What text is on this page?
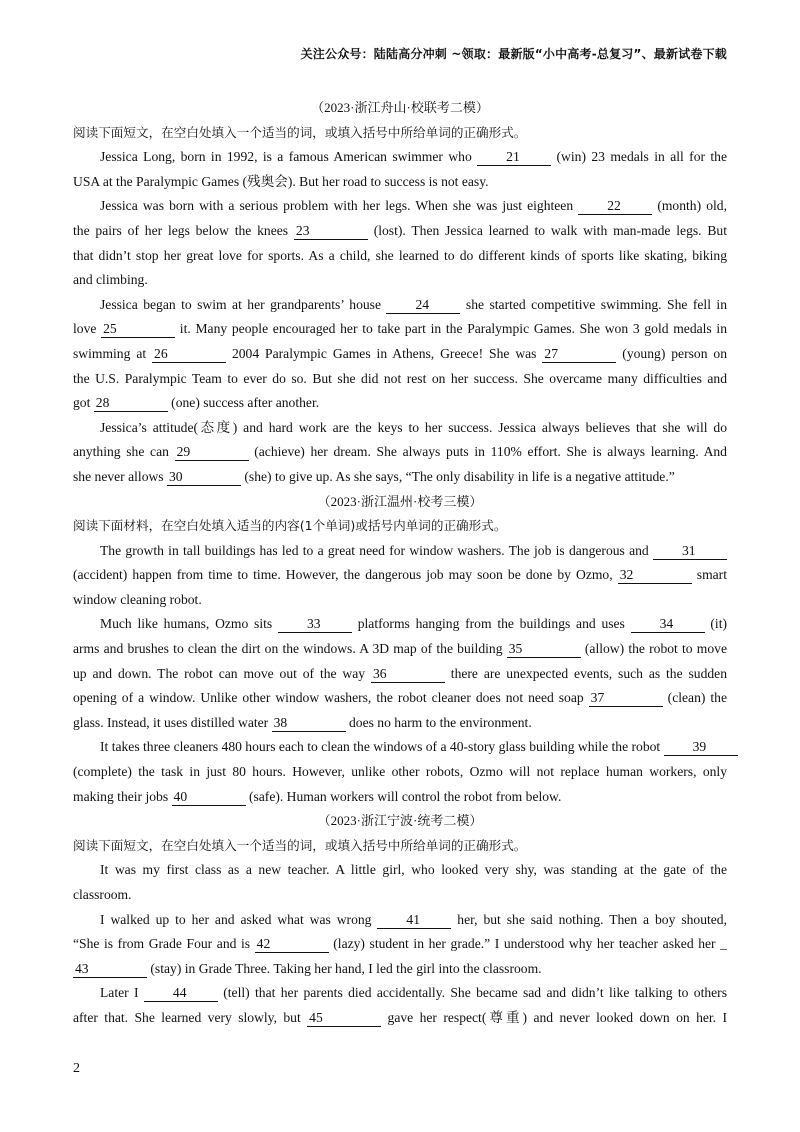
关注公众号：陆陆高分冲刺 ~领取：最新版“小中高考-总复习”、最新试卷下载
（2023·浙江舟山·校联考二模）
阅读下面短文，在空白处填入一个适当的词，或填入括号中所给单词的正确形式。
Jessica Long, born in 1992, is a famous American swimmer who 21 (win) 23 medals in all for the
USA at the Paralympic Games (残奥会). But her road to success is not easy.
Jessica was born with a serious problem with her legs. When she was just eighteen 22 (month) old,
the pairs of her legs below the knees 23	(lost). Then Jessica learned to walk with man-made legs. But
that didn’t stop her great love for sports. As a child, she learned to do different kinds of sports like skating, biking
and climbing.
Jessica began to swim at her grandparents’ house 24 she started competitive swimming. She fell in
love 25	it. Many people encouraged her to take part in the Paralympic Games. She won 3 gold medals in
swimming at 26	2004 Paralympic Games in Athens, Greece! She was 27	(young) person on
the U.S. Paralympic Team to ever do so. But she did not rest on her success. She overcame many difficulties and
got 28	(one) success after another.
Jessica’s attitude(态度) and hard work are the keys to her success. Jessica always believes that she will do
anything she can 29	(achieve) her dream. She always puts in 110% effort. She is always learning. And
she never allows 30	(she) to give up. As she says, “The only disability in life is a negative attitude.”
（2023·浙江温州·校考三模）
阅读下面材料，在空白处填入适当的内容(1个单词)或括号内单词的正确形式。
The growth in tall buildings has led to a great need for window washers. The job is dangerous and 31
(accident) happen from time to time. However, the dangerous job may soon be done by Ozmo, 32	smart
window cleaning robot.
Much like humans, Ozmo sits 33 platforms hanging from the buildings and uses 34 (it)
arms and brushes to clean the dirt on the windows. A 3D map of the building 35	(allow) the robot to move
up and down. The robot can move out of the way 36	there are unexpected events, such as the sudden
opening of a window. Unlike other window washers, the robot cleaner does not need soap 37	(clean) the
glass. Instead, it uses distilled water 38	does no harm to the environment.
It takes three cleaners 480 hours each to clean the windows of a 40-story glass building while the robot 39
(complete) the task in just 80 hours. However, unlike other robots, Ozmo will not replace human workers, only
making their jobs 40	(safe). Human workers will control the robot from below.
（2023·浙江宁波·统考二模）
阅读下面短文，在空白处填入一个适当的词，或填入括号中所给单词的正确形式。
It was my first class as a new teacher. A little girl, who looked very shy, was standing at the gate of the
classroom.
I walked up to her and asked what was wrong 41 her, but she said nothing. Then a boy shouted,
“She is from Grade Four and is 42	(lazy) student in her grade.” I understood why her teacher asked her _
43	(stay) in Grade Three. Taking her hand, I led the girl into the classroom.
Later I 44 (tell) that her parents died accidentally. She became sad and didn’t like talking to others
after that. She learned very slowly, but 45	gave her respect(尊重) and never looked down on her. I
2
